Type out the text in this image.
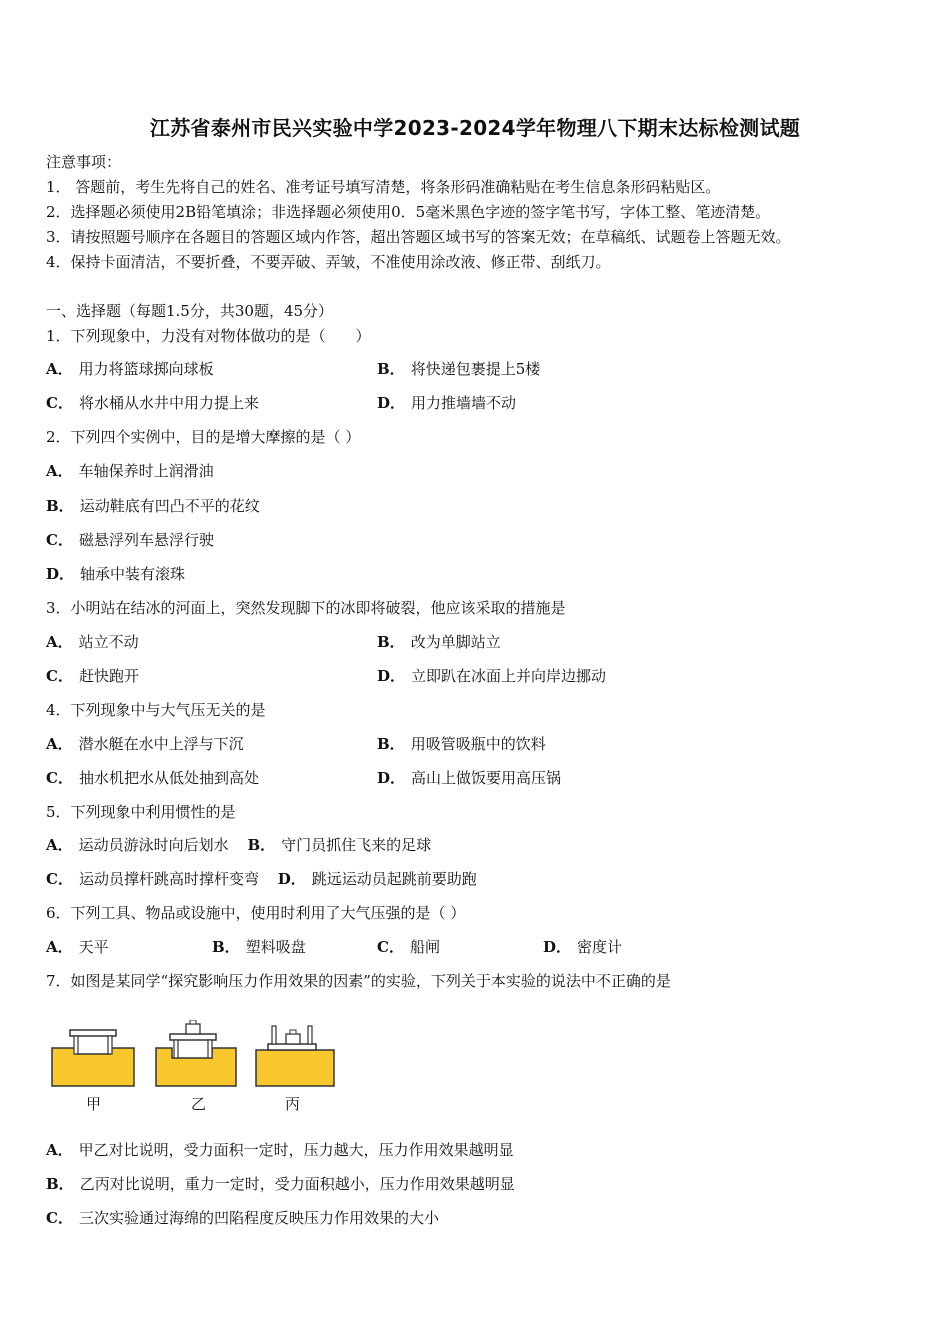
江苏省泰州市民兴实验中学2023-2024学年物理八下期末达标检测试题
注意事项：
1． 答题前，考生先将自己的姓名、准考证号填写清楚，将条形码准确粘贴在考生信息条形码粘贴区。
2．选择题必须使用2B铅笔填涂；非选择题必须使用0．5毫米黑色字迹的签字笔书写，字体工整、笔迹清楚。
3．请按照题号顺序在各题目的答题区域内作答，超出答题区域书写的答案无效；在草稿纸、试题卷上答题无效。
4．保持卡面清洁，不要折叠，不要弄破、弄皱，不准使用涂改液、修正带、刮纸刀。
一、选择题（每题1.5分，共30题，45分）
1．下列现象中，力没有对物体做功的是（　　）
A． 用力将篮球掷向球板	B． 将快递包裹提上5楼
C． 将水桶从水井中用力提上来	D． 用力推墙墙不动
2．下列四个实例中，目的是增大摩擦的是（ ）
A． 车轴保养时上润滑油
B． 运动鞋底有凹凸不平的花纹
C． 磁悬浮列车悬浮行驶
D． 轴承中装有滚珠
3．小明站在结冰的河面上，突然发现脚下的冰即将破裂，他应该采取的措施是
A． 站立不动	B． 改为单脚站立
C． 赶快跑开	D． 立即趴在冰面上并向岸边挪动
4．下列现象中与大气压无关的是
A． 潜水艇在水中上浮与下沉	B． 用吸管吸瓶中的饮料
C． 抽水机把水从低处抽到高处	D． 高山上做饭要用高压锅
5．下列现象中利用惯性的是
A． 运动员游泳时向后划水 B． 守门员抓住飞来的足球
C． 运动员撑杆跳高时撑杆变弯 D． 跳远运动员起跳前要助跑
6．下列工具、物品或设施中，使用时利用了大气压强的是（ ）
A． 天平	B． 塑料吸盘	C． 船闸	D． 密度计
7．如图是某同学“探究影响压力作用效果的因素”的实验，下列关于本实验的说法中不正确的是
甲	乙	丙
A． 甲乙对比说明，受力面积一定时，压力越大，压力作用效果越明显
B． 乙丙对比说明，重力一定时，受力面积越小，压力作用效果越明显
C． 三次实验通过海绵的凹陷程度反映压力作用效果的大小
